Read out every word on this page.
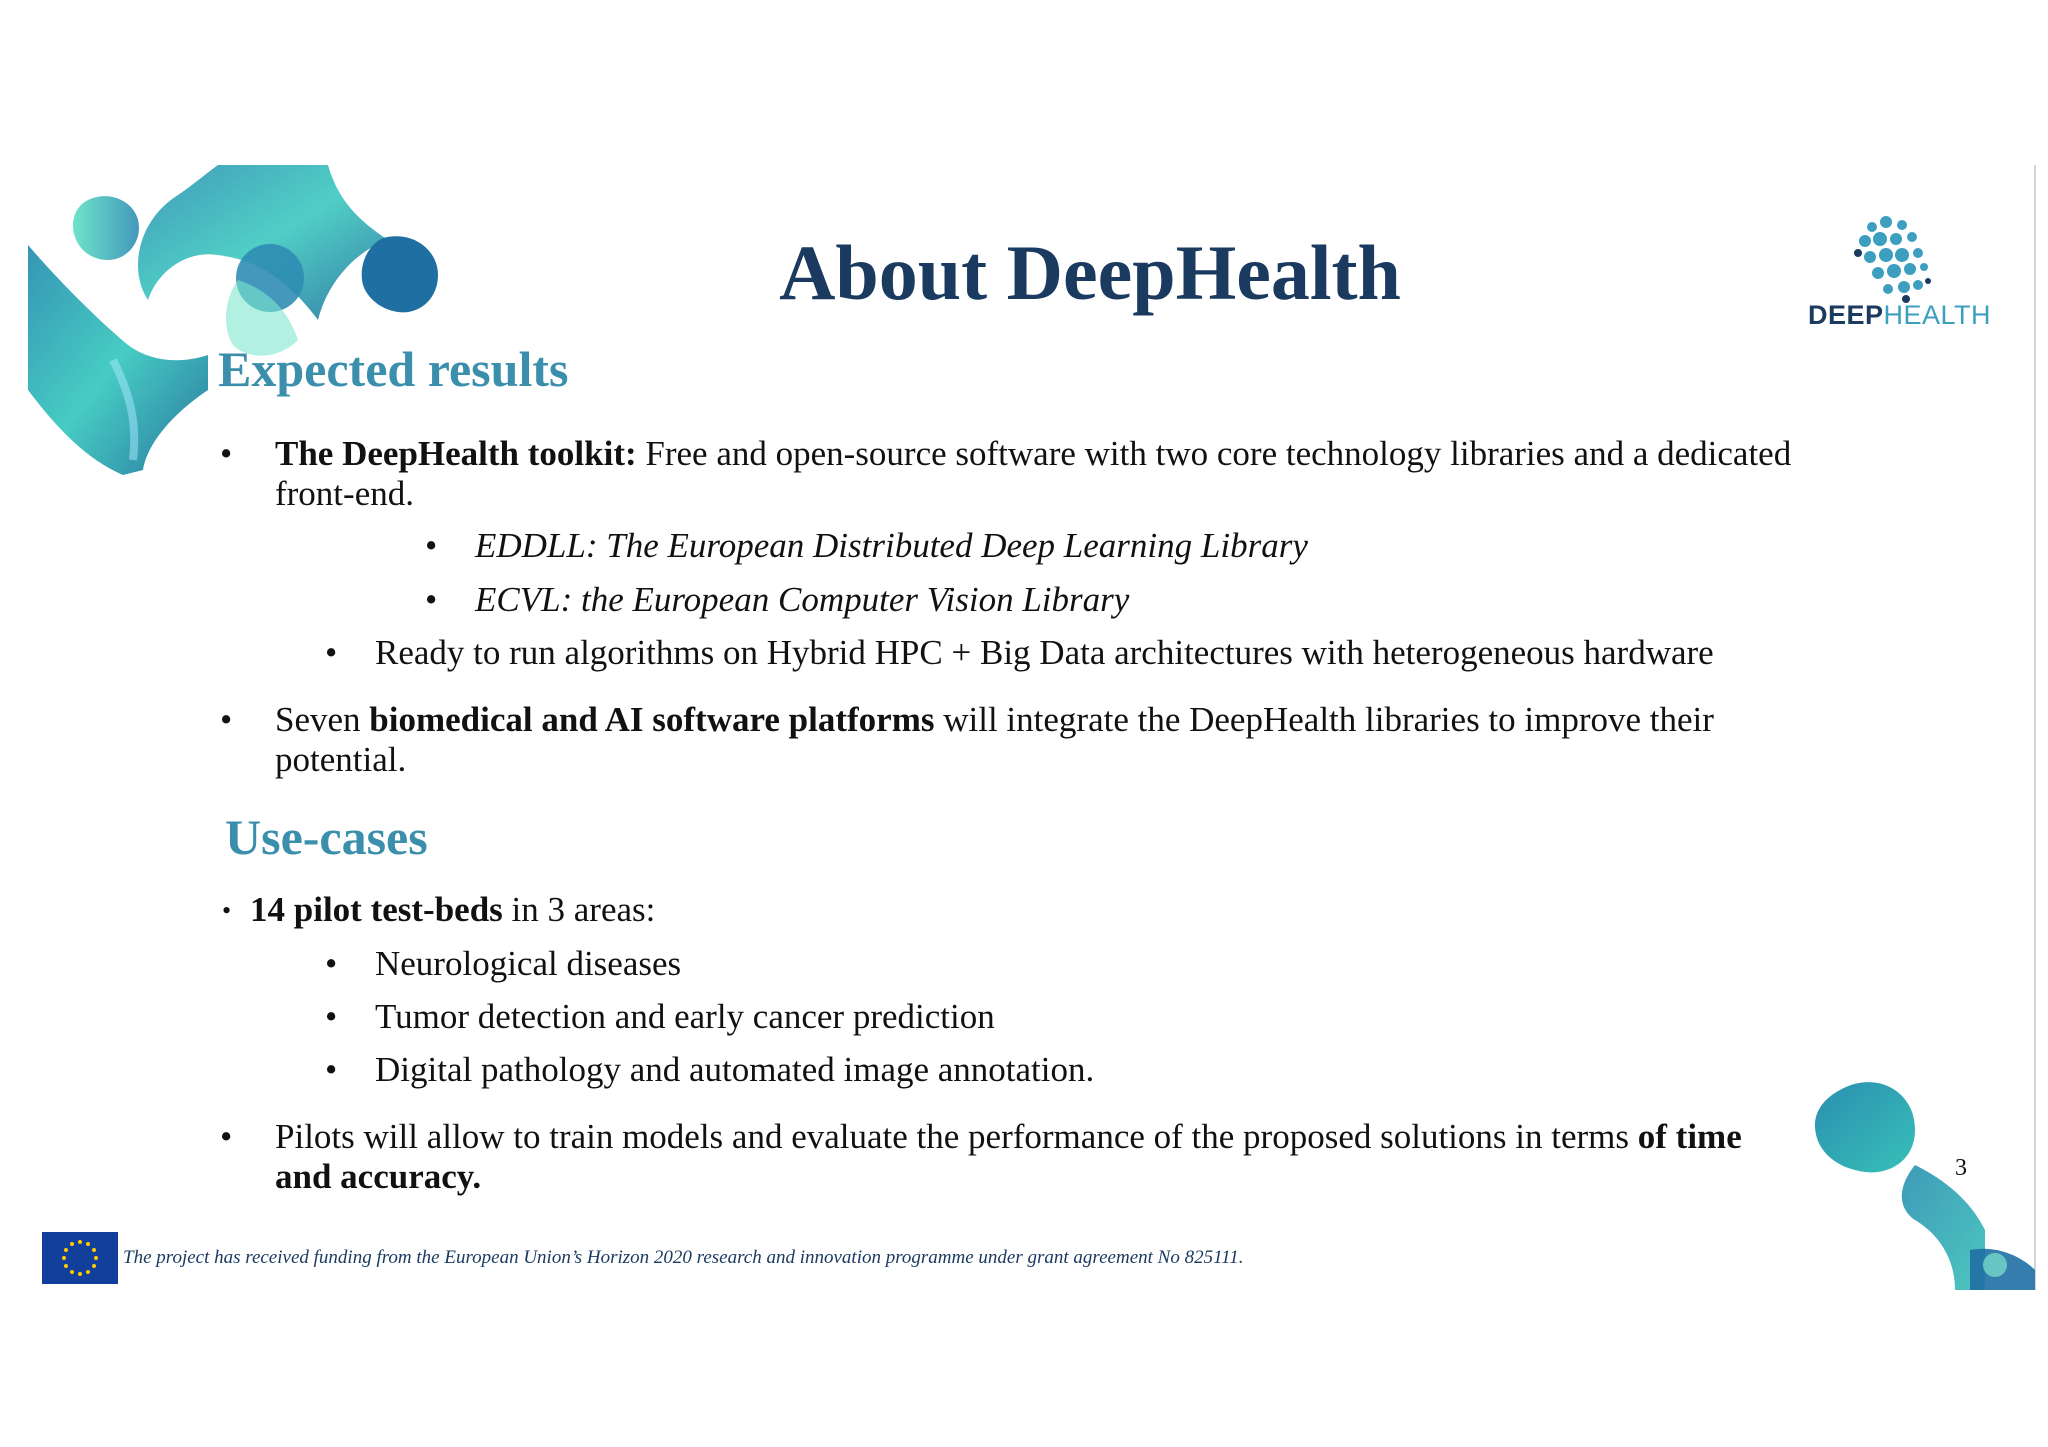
About DeepHealth	DEEPHEALTH
Expected results
• The DeepHealth toolkit: Free and open-source software with two core technology libraries and a dedicated
front-end.
• EDDLL: The European Distributed Deep Learning Library
• ECVL: the European Computer Vision Library
• Ready to run algorithms on Hybrid HPC + Big Data architectures with heterogeneous hardware
• Seven biomedical and AI software platforms will integrate the DeepHealth libraries to improve their
potential.
Use-cases
• 14 pilot test-beds in 3 areas:
• Neurological diseases
• Tumor detection and early cancer prediction
• Digital pathology and automated image annotation.
• Pilots will allow to train models and evaluate the performance of the proposed solutions in terms of time
and accuracy.	3
The project has received funding from the European Union’s Horizon 2020 research and innovation programme under grant agreement No 825111.
